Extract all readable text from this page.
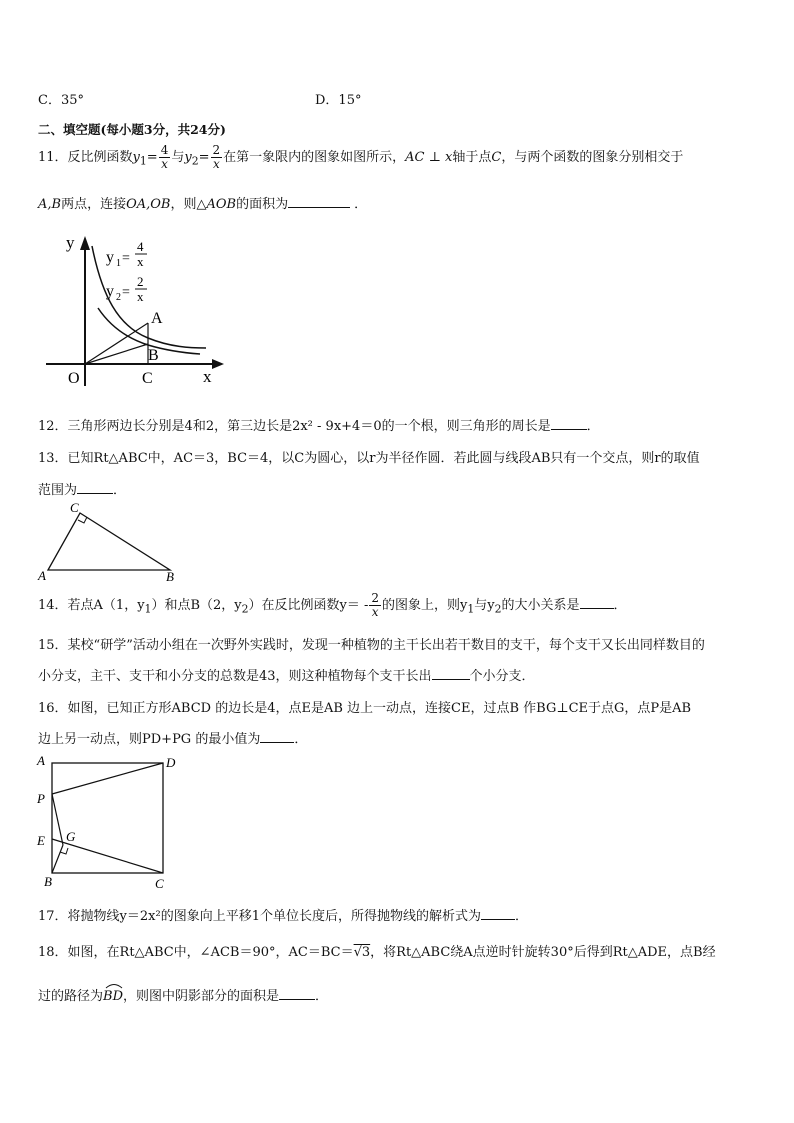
C．35°	D．15°
二、填空题(每小题3分，共24分)
11．反比例函数$y_1= \frac{4}{x}$ 与$y_2= \frac{2}{x}$ 在第一象限内的图象如图所示，AC ⊥ x轴于点C，与两个函数的图象分别相交于
A,B两点，连接OA,OB，则△AOB的面积为	．
y
x
O	C
A
B
y 1 =
4
x
y 2 =
2
x
12．三角形两边长分别是4和2，第三边长是2x² - 9x+4＝0的一个根，则三角形的周长是	．
13．已知Rt△ABC中，AC＝3，BC＝4，以C为圆心，以r为半径作圆．若此圆与线段AB只有一个交点，则r的取值
范围为	．
A	B
C
14．若点A（1，$y_1$）和点B（2，$y_2$）在反比例函数$y= - \frac{2}{x}$ 的图象上，则$y_1$与$y_2$的大小关系是	．
15．某校“研学”活动小组在一次野外实践时，发现一种植物的主干长出若干数目的支干，每个支干又长出同样数目的
小分支，主干、支干和小分支的总数是43，则这种植物每个支干长出	个小分支．
16．如图，已知正方形ABCD 的边长是4，点E是AB 边上一动点，连接CE，过点B 作BG⊥CE于点G，点P是AB
边上另一动点，则PD+PG 的最小值为	．
A	D
P
E G
B	C
17．将抛物线y＝2x²的图象向上平移1个单位长度后，所得抛物线的解析式为	．
18．如图，在Rt△ABC中，∠ACB＝90°，AC＝BC＝√3，将Rt△ABC绕A点逆时针旋转30°后得到Rt△ADE，点B经
过的路径为
BD，则图中阴影部分的面积是	．
